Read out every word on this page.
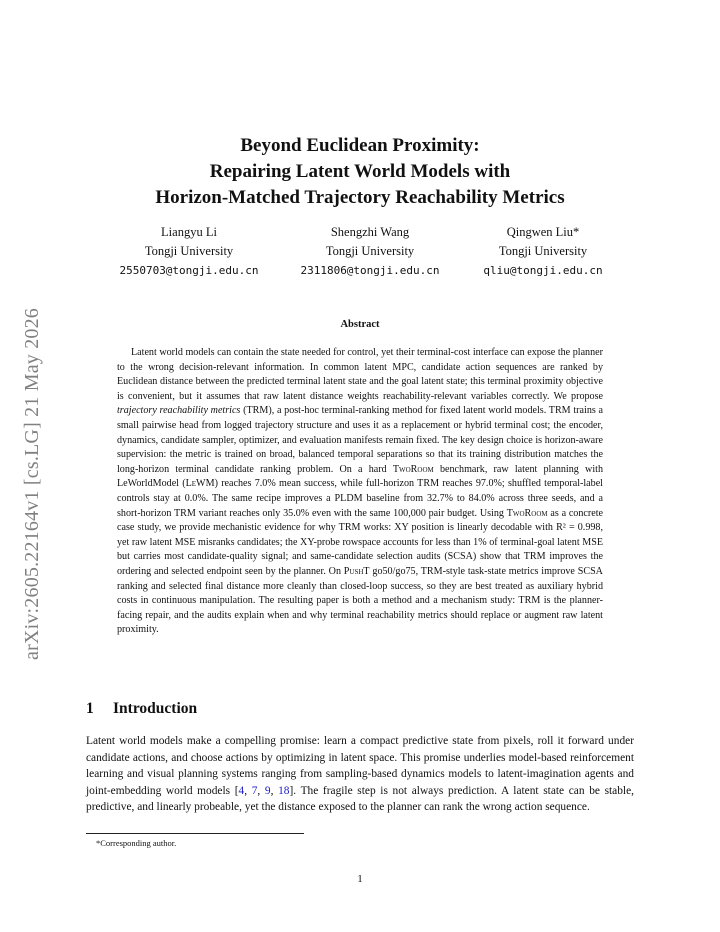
arXiv:2605.22164v1 [cs.LG] 21 May 2026
Beyond Euclidean Proximity:
Repairing Latent World Models with
Horizon-Matched Trajectory Reachability Metrics
Liangyu Li
Tongji University
2550703@tongji.edu.cn
Shengzhi Wang
Tongji University
2311806@tongji.edu.cn
Qingwen Liu*
Tongji University
qliu@tongji.edu.cn
Abstract

Latent world models can contain the state needed for control, yet their terminal-cost interface can expose the planner to the wrong decision-relevant information. In common latent MPC, candidate action sequences are ranked by Euclidean distance between the predicted terminal latent state and the goal latent state; this terminal proximity objective is convenient, but it assumes that raw latent distance weights reachability-relevant variables correctly. We propose trajectory reachability metrics (TRM), a post-hoc terminal-ranking method for fixed latent world models. TRM trains a small pairwise head from logged trajectory structure and uses it as a replacement or hybrid terminal cost; the encoder, dynamics, candidate sampler, optimizer, and evaluation manifests remain fixed. The key design choice is horizon-aware supervision: the metric is trained on broad, balanced temporal separations so that its training distribution matches the long-horizon terminal candidate ranking problem. On a hard TwoRoom benchmark, raw latent planning with LeWorldModel (LeWM) reaches 7.0% mean success, while full-horizon TRM reaches 97.0%; shuffled temporal-label controls stay at 0.0%. The same recipe improves a PLDM baseline from 32.7% to 84.0% across three seeds, and a short-horizon TRM variant reaches only 35.0% even with the same 100,000 pair budget. Using TwoRoom as a concrete case study, we provide mechanistic evidence for why TRM works: XY position is linearly decodable with R² = 0.998, yet raw latent MSE misranks candidates; the XY-probe rowspace accounts for less than 1% of terminal-goal latent MSE but carries most candidate-quality signal; and same-candidate selection audits (SCSA) show that TRM improves the ordering and selected endpoint seen by the planner. On PushT go50/go75, TRM-style task-state metrics improve SCSA ranking and selected final distance more cleanly than closed-loop success, so they are best treated as auxiliary hybrid costs in continuous manipulation. The resulting paper is both a method and a mechanism study: TRM is the planner-facing repair, and the audits explain when and why terminal reachability metrics should replace or augment raw latent proximity.

1 Introduction

Latent world models make a compelling promise: learn a compact predictive state from pixels, roll it forward under candidate actions, and choose actions by optimizing in latent space. This promise underlies model-based reinforcement learning and visual planning systems ranging from sampling-based dynamics models to latent-imagination agents and joint-embedding world models [4, 7, 9, 18]. The fragile step is not always prediction. A latent state can be stable, predictive, and linearly probeable, yet the distance exposed to the planner can rank the wrong action sequence.

*Corresponding author.
1
